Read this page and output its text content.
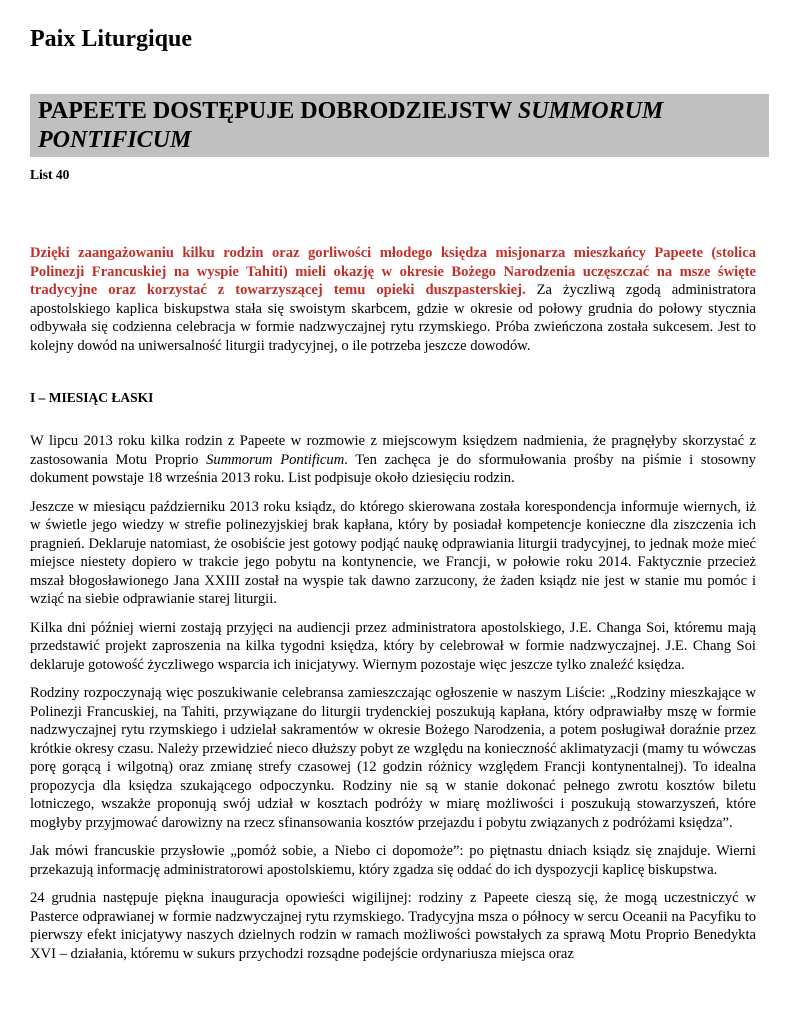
Paix Liturgique
PAPEETE DOSTĘPUJE DOBRODZIEJSTW SUMMORUM PONTIFICUM

List 40

Dzięki zaangażowaniu kilku rodzin oraz gorliwości młodego księdza misjonarza mieszkańcy Papeete (stolica Polinezji Francuskiej na wyspie Tahiti) mieli okazję w okresie Bożego Narodzenia uczęszczać na msze święte tradycyjne oraz korzystać z towarzyszącej temu opieki duszpasterskiej. Za życzliwą zgodą administratora apostolskiego kaplica biskupstwa stała się swoistym skarbcem, gdzie w okresie od połowy grudnia do połowy stycznia odbywała się codzienna celebracja w formie nadzwyczajnej rytu rzymskiego. Próba zwieńczona została sukcesem. Jest to kolejny dowód na uniwersalność liturgii tradycyjnej, o ile potrzeba jeszcze dowodów.

I – MIESIĄC ŁASKI

W lipcu 2013 roku kilka rodzin z Papeete w rozmowie z miejscowym księdzem nadmienia, że pragnęłyby skorzystać z zastosowania Motu Proprio Summorum Pontificum. Ten zachęca je do sformułowania prośby na piśmie i stosowny dokument powstaje 18 września 2013 roku. List podpisuje około dziesięciu rodzin.

Jeszcze w miesiącu październiku 2013 roku ksiądz, do którego skierowana została korespondencja informuje wiernych, iż w świetle jego wiedzy w strefie polinezyjskiej brak kapłana, który by posiadał kompetencje konieczne dla ziszczenia ich pragnień. Deklaruje natomiast, że osobiście jest gotowy podjąć naukę odprawiania liturgii tradycyjnej, to jednak może mieć miejsce niestety dopiero w trakcie jego pobytu na kontynencie, we Francji, w połowie roku 2014. Faktycznie przecież mszał błogosławionego Jana XXIII został na wyspie tak dawno zarzucony, że żaden ksiądz nie jest w stanie mu pomóc i wziąć na siebie odprawianie starej liturgii.

Kilka dni później wierni zostają przyjęci na audiencji przez administratora apostolskiego, J.E. Changa Soi, któremu mają przedstawić projekt zaproszenia na kilka tygodni księdza, który by celebrował w formie nadzwyczajnej. J.E. Chang Soi deklaruje gotowość życzliwego wsparcia ich inicjatywy. Wiernym pozostaje więc jeszcze tylko znaleźć księdza.

Rodziny rozpoczynają więc poszukiwanie celebransa zamieszczając ogłoszenie w naszym Liście: „Rodziny mieszkające w Polinezji Francuskiej, na Tahiti, przywiązane do liturgii trydenckiej poszukują kapłana, który odprawiałby mszę w formie nadzwyczajnej rytu rzymskiego i udzielał sakramentów w okresie Bożego Narodzenia, a potem posługiwał doraźnie przez krótkie okresy czasu. Należy przewidzieć nieco dłuższy pobyt ze względu na konieczność aklimatyzacji (mamy tu wówczas porę gorącą i wilgotną) oraz zmianę strefy czasowej (12 godzin różnicy względem Francji kontynentalnej). To idealna propozycja dla księdza szukającego odpoczynku. Rodziny nie są w stanie dokonać pełnego zwrotu kosztów biletu lotniczego, wszakże proponują swój udział w kosztach podróży w miarę możliwości i poszukują stowarzyszeń, które mogłyby przyjmować darowizny na rzecz sfinansowania kosztów przejazdu i pobytu związanych z podróżami księdza”.

Jak mówi francuskie przysłowie „pomóż sobie, a Niebo ci dopomoże”: po piętnastu dniach ksiądz się znajduje. Wierni przekazują informację administratorowi apostolskiemu, który zgadza się oddać do ich dyspozycji kaplicę biskupstwa.

24 grudnia następuje piękna inauguracja opowieści wigilijnej: rodziny z Papeete cieszą się, że mogą uczestniczyć w Pasterce odprawianej w formie nadzwyczajnej rytu rzymskiego. Tradycyjna msza o północy w sercu Oceanii na Pacyfiku to pierwszy efekt inicjatywy naszych dzielnych rodzin w ramach możliwości powstałych za sprawą Motu Proprio Benedykta XVI – działania, któremu w sukurs przychodzi rozsądne podejście ordynariusza miejsca oraz
